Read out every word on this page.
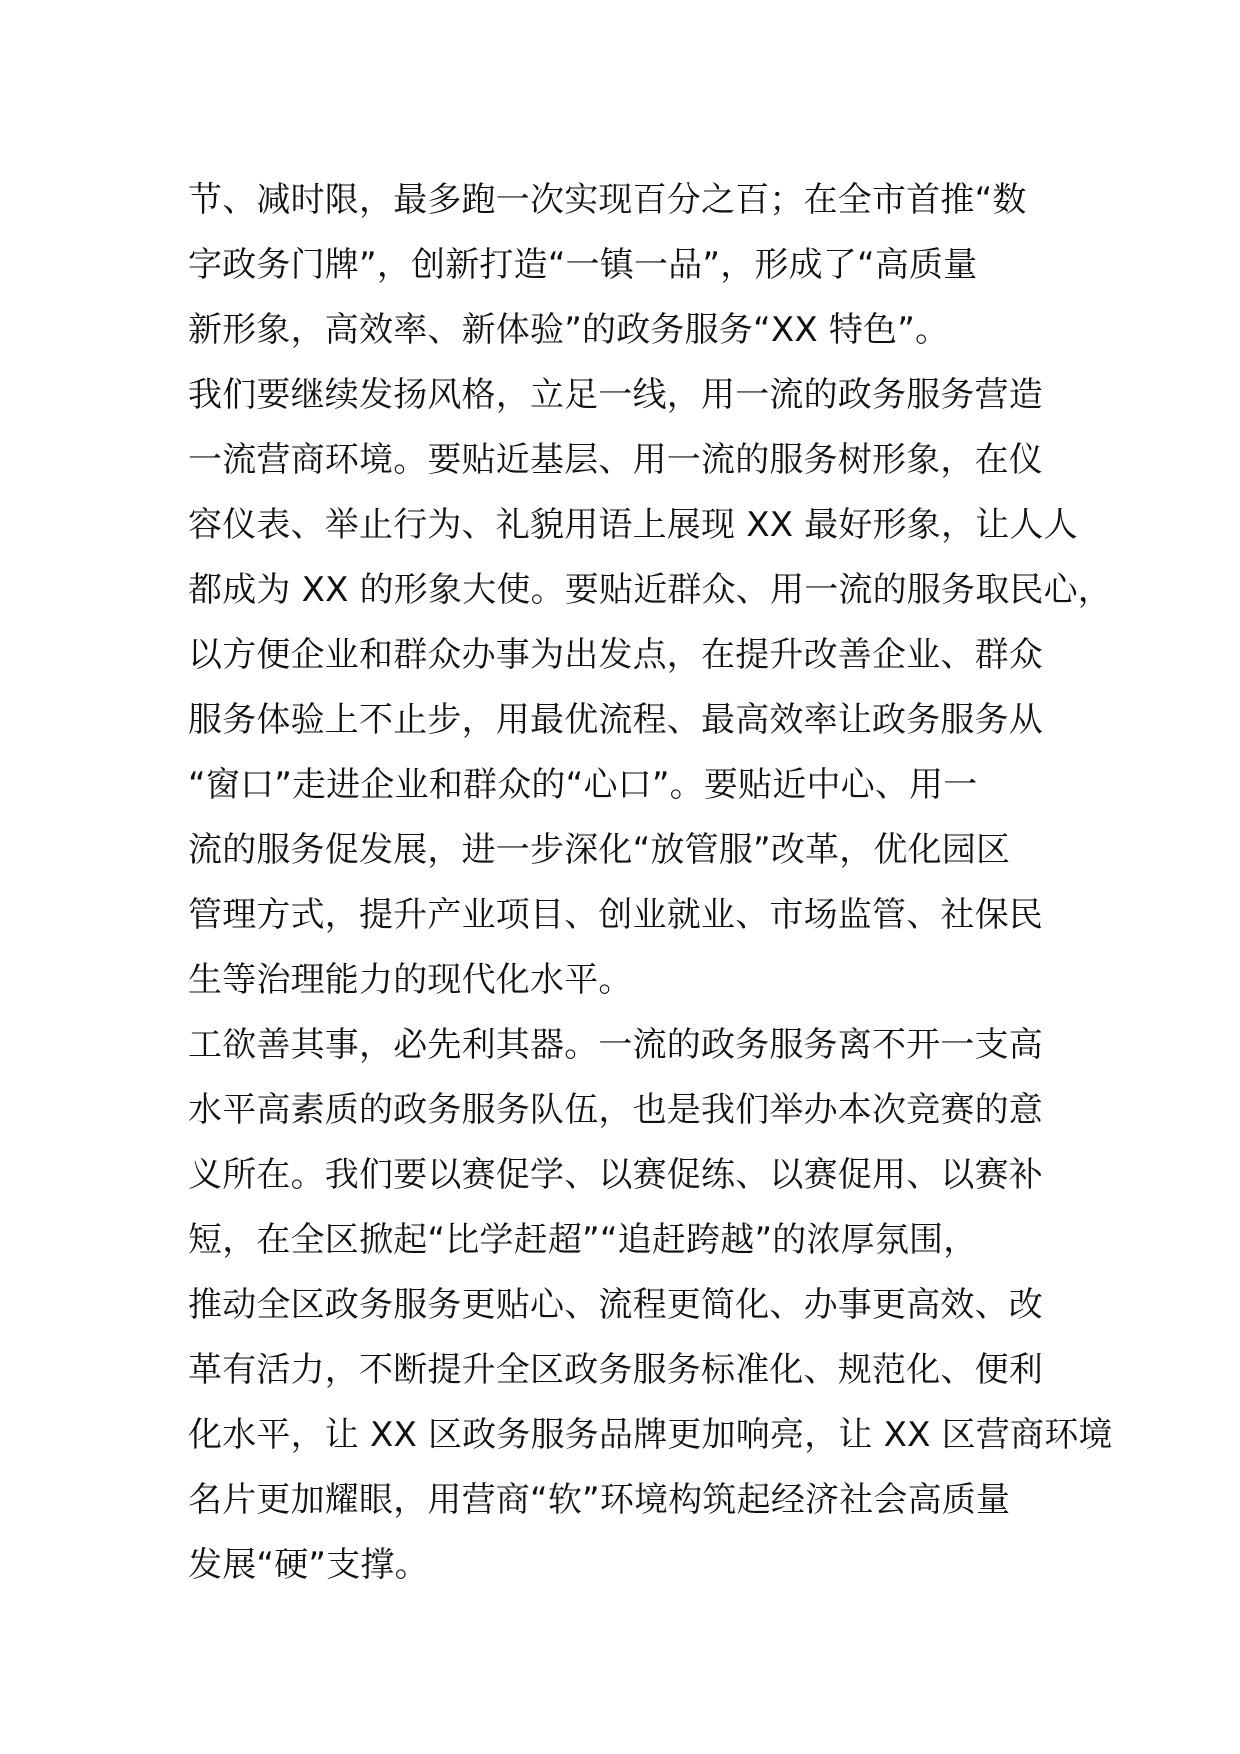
节、减时限，最多跑一次实现百分之百；在全市首推“数
字政务门牌”，创新打造“一镇一品”，形成了“高质量
新形象，高效率、新体验”的政务服务“XX 特色”。
我们要继续发扬风格，立足一线，用一流的政务服务营造
一流营商环境。要贴近基层、用一流的服务树形象，在仪
容仪表、举止行为、礼貌用语上展现 XX 最好形象，让人人
都成为 XX 的形象大使。要贴近群众、用一流的服务取民心，
以方便企业和群众办事为出发点，在提升改善企业、群众
服务体验上不止步，用最优流程、最高效率让政务服务从
“窗口”走进企业和群众的“心口”。要贴近中心、用一
流的服务促发展，进一步深化“放管服”改革，优化园区
管理方式，提升产业项目、创业就业、市场监管、社保民
生等治理能力的现代化水平。
工欲善其事，必先利其器。一流的政务服务离不开一支高
水平高素质的政务服务队伍，也是我们举办本次竞赛的意
义所在。我们要以赛促学、以赛促练、以赛促用、以赛补
短，在全区掀起“比学赶超”“追赶跨越”的浓厚氛围，
推动全区政务服务更贴心、流程更简化、办事更高效、改
革有活力，不断提升全区政务服务标准化、规范化、便利
化水平，让 XX 区政务服务品牌更加响亮，让 XX 区营商环境
名片更加耀眼，用营商“软”环境构筑起经济社会高质量
发展“硬”支撑。
